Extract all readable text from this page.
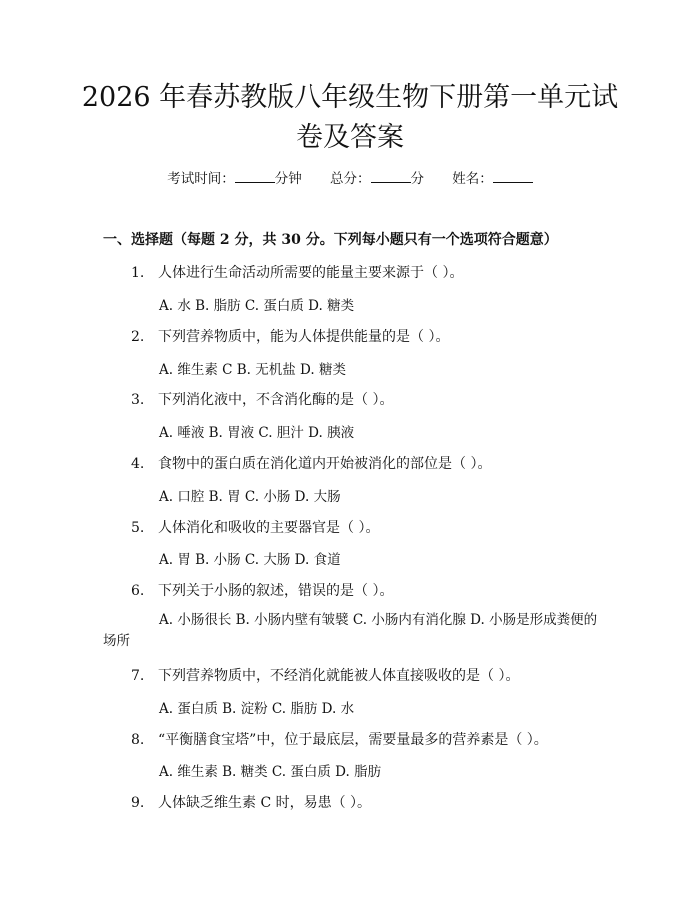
2026 年春苏教版八年级生物下册第一单元试
卷及答案
考试时间：	分钟 总分：	分 姓名：
一、选择题（每题 2 分，共 30 分。下列每小题只有一个选项符合题意）
1. 人体进行生命活动所需要的能量主要来源于（ ）。
A. 水 B. 脂肪 C. 蛋白质 D. 糖类
2. 下列营养物质中，能为人体提供能量的是（ ）。
A. 维生素 C B. 无机盐 D. 糖类
3. 下列消化液中，不含消化酶的是（ ）。
A. 唾液 B. 胃液 C. 胆汁 D. 胰液
4. 食物中的蛋白质在消化道内开始被消化的部位是（ ）。
A. 口腔 B. 胃 C. 小肠 D. 大肠
5. 人体消化和吸收的主要器官是（ ）。
A. 胃 B. 小肠 C. 大肠 D. 食道
6. 下列关于小肠的叙述，错误的是（ ）。
A. 小肠很长 B. 小肠内壁有皱襞 C. 小肠内有消化腺 D. 小肠是形成粪便的场所
7. 下列营养物质中，不经消化就能被人体直接吸收的是（ ）。
A. 蛋白质 B. 淀粉 C. 脂肪 D. 水
8. “平衡膳食宝塔”中，位于最底层，需要量最多的营养素是（ ）。
A. 维生素 B. 糖类 C. 蛋白质 D. 脂肪
9. 人体缺乏维生素 C 时，易患（ ）。
